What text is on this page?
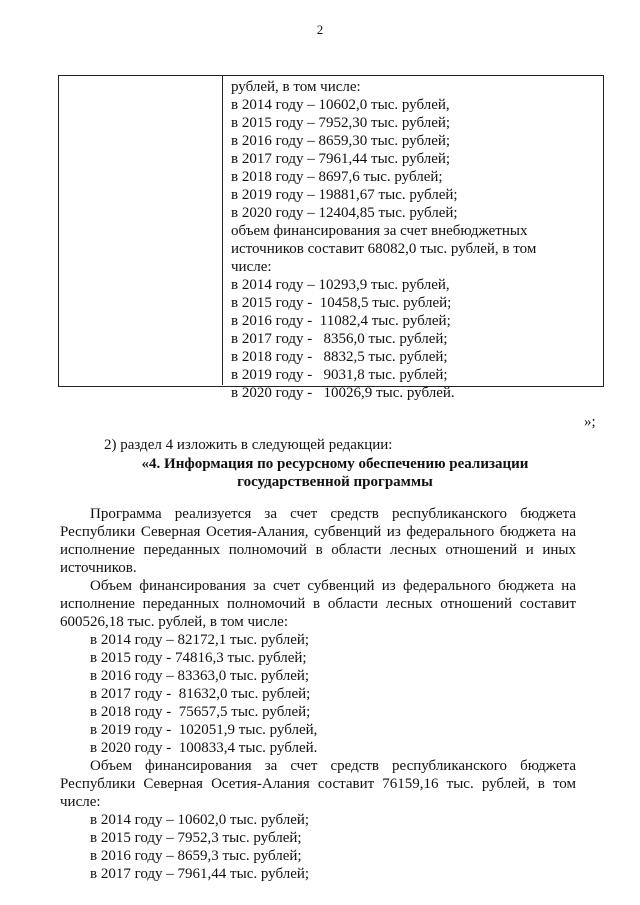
2
рублей, в том числе:
в 2014 году – 10602,0 тыс. рублей,
в 2015 году – 7952,30 тыс. рублей;
в 2016 году – 8659,30 тыс. рублей;
в 2017 году – 7961,44 тыс. рублей;
в 2018 году – 8697,6 тыс. рублей;
в 2019 году – 19881,67 тыс. рублей;
в 2020 году – 12404,85 тыс. рублей;
объем финансирования за счет внебюджетных
источников составит 68082,0 тыс. рублей, в том
числе:
в 2014 году – 10293,9 тыс. рублей,
в 2015 году -  10458,5 тыс. рублей;
в 2016 году -  11082,4 тыс. рублей;
в 2017 году -   8356,0 тыс. рублей;
в 2018 году -   8832,5 тыс. рублей;
в 2019 году -   9031,8 тыс. рублей;
в 2020 году -   10026,9 тыс. рублей.
»;
2) раздел 4 изложить в следующей редакции:
«4. Информация по ресурсному обеспечению реализации
государственной программы

Программа реализуется за счет средств республиканского бюджета Республики Северная Осетия-Алания, субвенций из федерального бюджета на исполнение переданных полномочий в области лесных отношений и иных источников.

Объем финансирования за счет субвенций из федерального бюджета на исполнение переданных полномочий в области лесных отношений составит 600526,18 тыс. рублей, в том числе:

в 2014 году – 82172,1 тыс. рублей;
в 2015 году - 74816,3 тыс. рублей;
в 2016 году – 83363,0 тыс. рублей;
в 2017 году -  81632,0 тыс. рублей;
в 2018 году -  75657,5 тыс. рублей;
в 2019 году -  102051,9 тыс. рублей,
в 2020 году -  100833,4 тыс. рублей.

Объем финансирования за счет средств республиканского бюджета Республики Северная Осетия-Алания составит 76159,16 тыс. рублей, в том числе:

в 2014 году – 10602,0 тыс. рублей;
в 2015 году – 7952,3 тыс. рублей;
в 2016 году – 8659,3 тыс. рублей;
в 2017 году – 7961,44 тыс. рублей;
